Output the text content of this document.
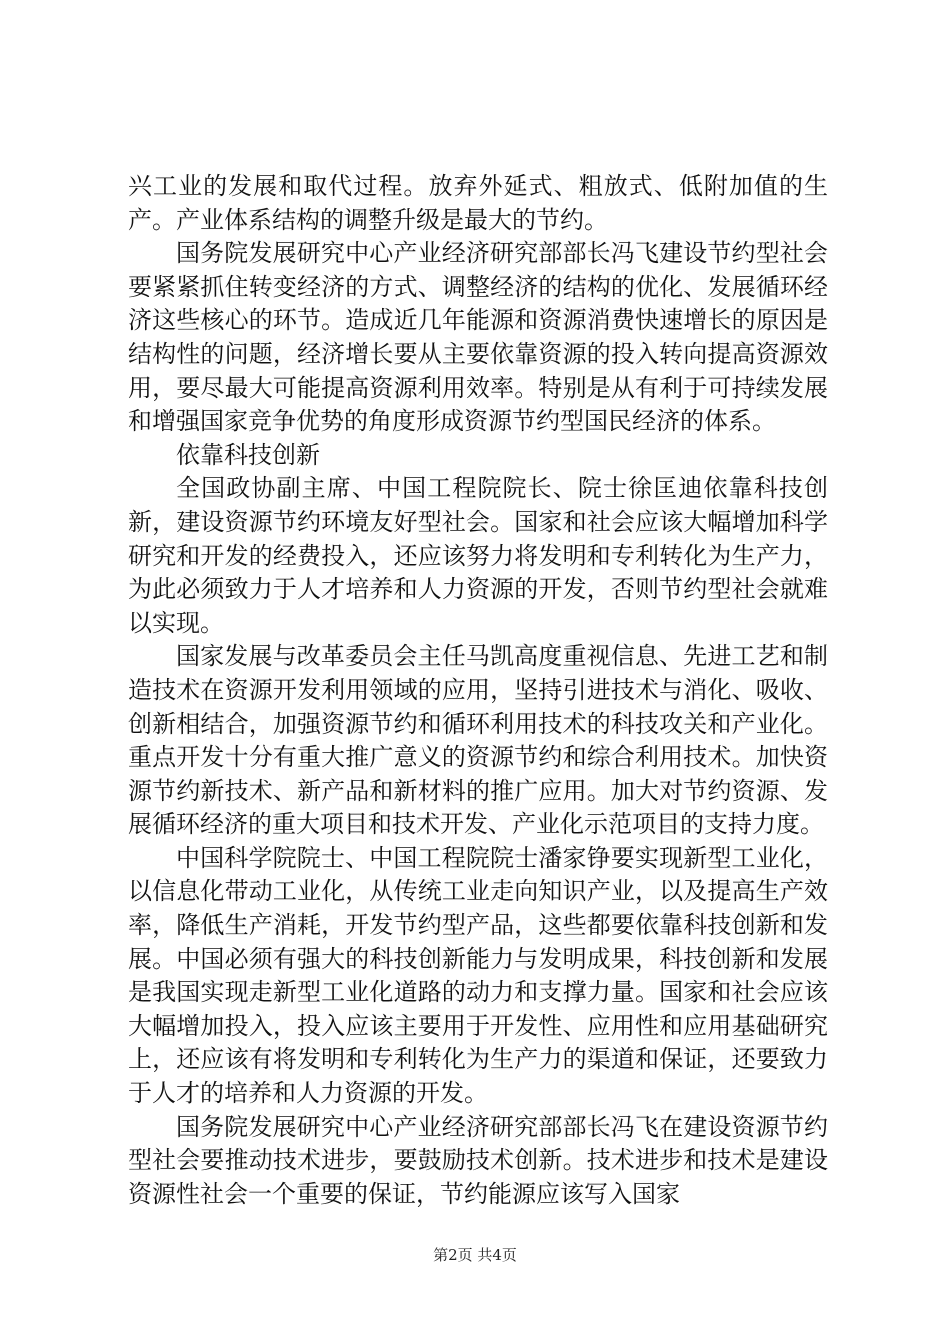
兴工业的发展和取代过程。放弃外延式、粗放式、低附加值的生产。产业体系结构的调整升级是最大的节约。

国务院发展研究中心产业经济研究部部长冯飞建设节约型社会要紧紧抓住转变经济的方式、调整经济的结构的优化、发展循环经济这些核心的环节。造成近几年能源和资源消费快速增长的原因是结构性的问题，经济增长要从主要依靠资源的投入转向提高资源效用，要尽最大可能提高资源利用效率。特别是从有利于可持续发展和增强国家竞争优势的角度形成资源节约型国民经济的体系。

依靠科技创新

全国政协副主席、中国工程院院长、院士徐匡迪依靠科技创新，建设资源节约环境友好型社会。国家和社会应该大幅增加科学研究和开发的经费投入，还应该努力将发明和专利转化为生产力，为此必须致力于人才培养和人力资源的开发，否则节约型社会就难以实现。

国家发展与改革委员会主任马凯高度重视信息、先进工艺和制造技术在资源开发利用领域的应用，坚持引进技术与消化、吸收、创新相结合，加强资源节约和循环利用技术的科技攻关和产业化。重点开发十分有重大推广意义的资源节约和综合利用技术。加快资源节约新技术、新产品和新材料的推广应用。加大对节约资源、发展循环经济的重大项目和技术开发、产业化示范项目的支持力度。

中国科学院院士、中国工程院院士潘家铮要实现新型工业化，以信息化带动工业化，从传统工业走向知识产业，以及提高生产效率，降低生产消耗，开发节约型产品，这些都要依靠科技创新和发展。中国必须有强大的科技创新能力与发明成果，科技创新和发展是我国实现走新型工业化道路的动力和支撑力量。国家和社会应该大幅增加投入，投入应该主要用于开发性、应用性和应用基础研究上，还应该有将发明和专利转化为生产力的渠道和保证，还要致力于人才的培养和人力资源的开发。

国务院发展研究中心产业经济研究部部长冯飞在建设资源节约型社会要推动技术进步，要鼓励技术创新。技术进步和技术是建设资源性社会一个重要的保证，节约能源应该写入国家

第2页 共4页
